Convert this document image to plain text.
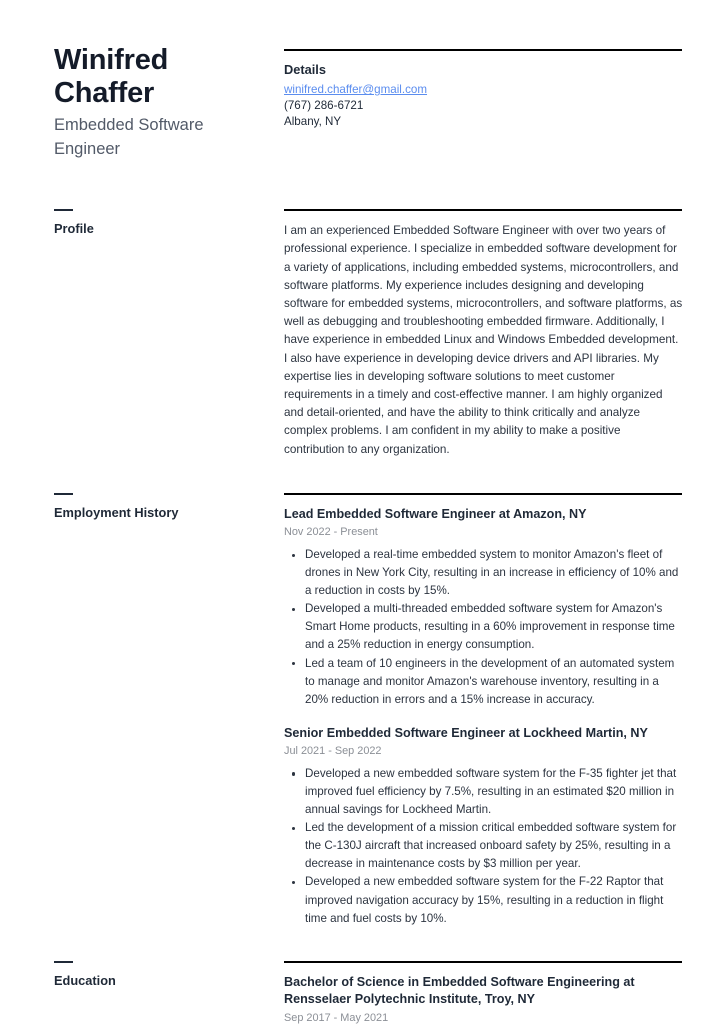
Winifred
Chaffer
Embedded Software Engineer
Details
winifred.chaffer@gmail.com
(767) 286-6721
Albany, NY
Profile	I am an experienced Embedded Software Engineer with over two years of professional experience. I specialize in embedded software development for a variety of applications, including embedded systems, microcontrollers, and software platforms. My experience includes designing and developing software for embedded systems, microcontrollers, and software platforms, as well as debugging and troubleshooting embedded firmware. Additionally, I have experience in embedded Linux and Windows Embedded development. I also have experience in developing device drivers and API libraries. My expertise lies in developing software solutions to meet customer requirements in a timely and cost-effective manner. I am highly organized and detail-oriented, and have the ability to think critically and analyze complex problems. I am confident in my ability to make a positive contribution to any organization.

Employment History	Lead Embedded Software Engineer at Amazon, NY
Nov 2022 - Present
Developed a real-time embedded system to monitor Amazon's fleet of drones in New York City, resulting in an increase in efficiency of 10% and a reduction in costs by 15%.
Developed a multi-threaded embedded software system for Amazon's Smart Home products, resulting in a 60% improvement in response time and a 25% reduction in energy consumption.
Led a team of 10 engineers in the development of an automated system to manage and monitor Amazon's warehouse inventory, resulting in a 20% reduction in errors and a 15% increase in accuracy.
Senior Embedded Software Engineer at Lockheed Martin, NY
Jul 2021 - Sep 2022
Developed a new embedded software system for the F-35 fighter jet that improved fuel efficiency by 7.5%, resulting in an estimated $20 million in annual savings for Lockheed Martin.
Led the development of a mission critical embedded software system for the C-130J aircraft that increased onboard safety by 25%, resulting in a decrease in maintenance costs by $3 million per year.
Developed a new embedded software system for the F-22 Raptor that improved navigation accuracy by 15%, resulting in a reduction in flight time and fuel costs by 10%.
Education	Bachelor of Science in Embedded Software Engineering at Rensselaer Polytechnic Institute, Troy, NY
Sep 2017 - May 2021
